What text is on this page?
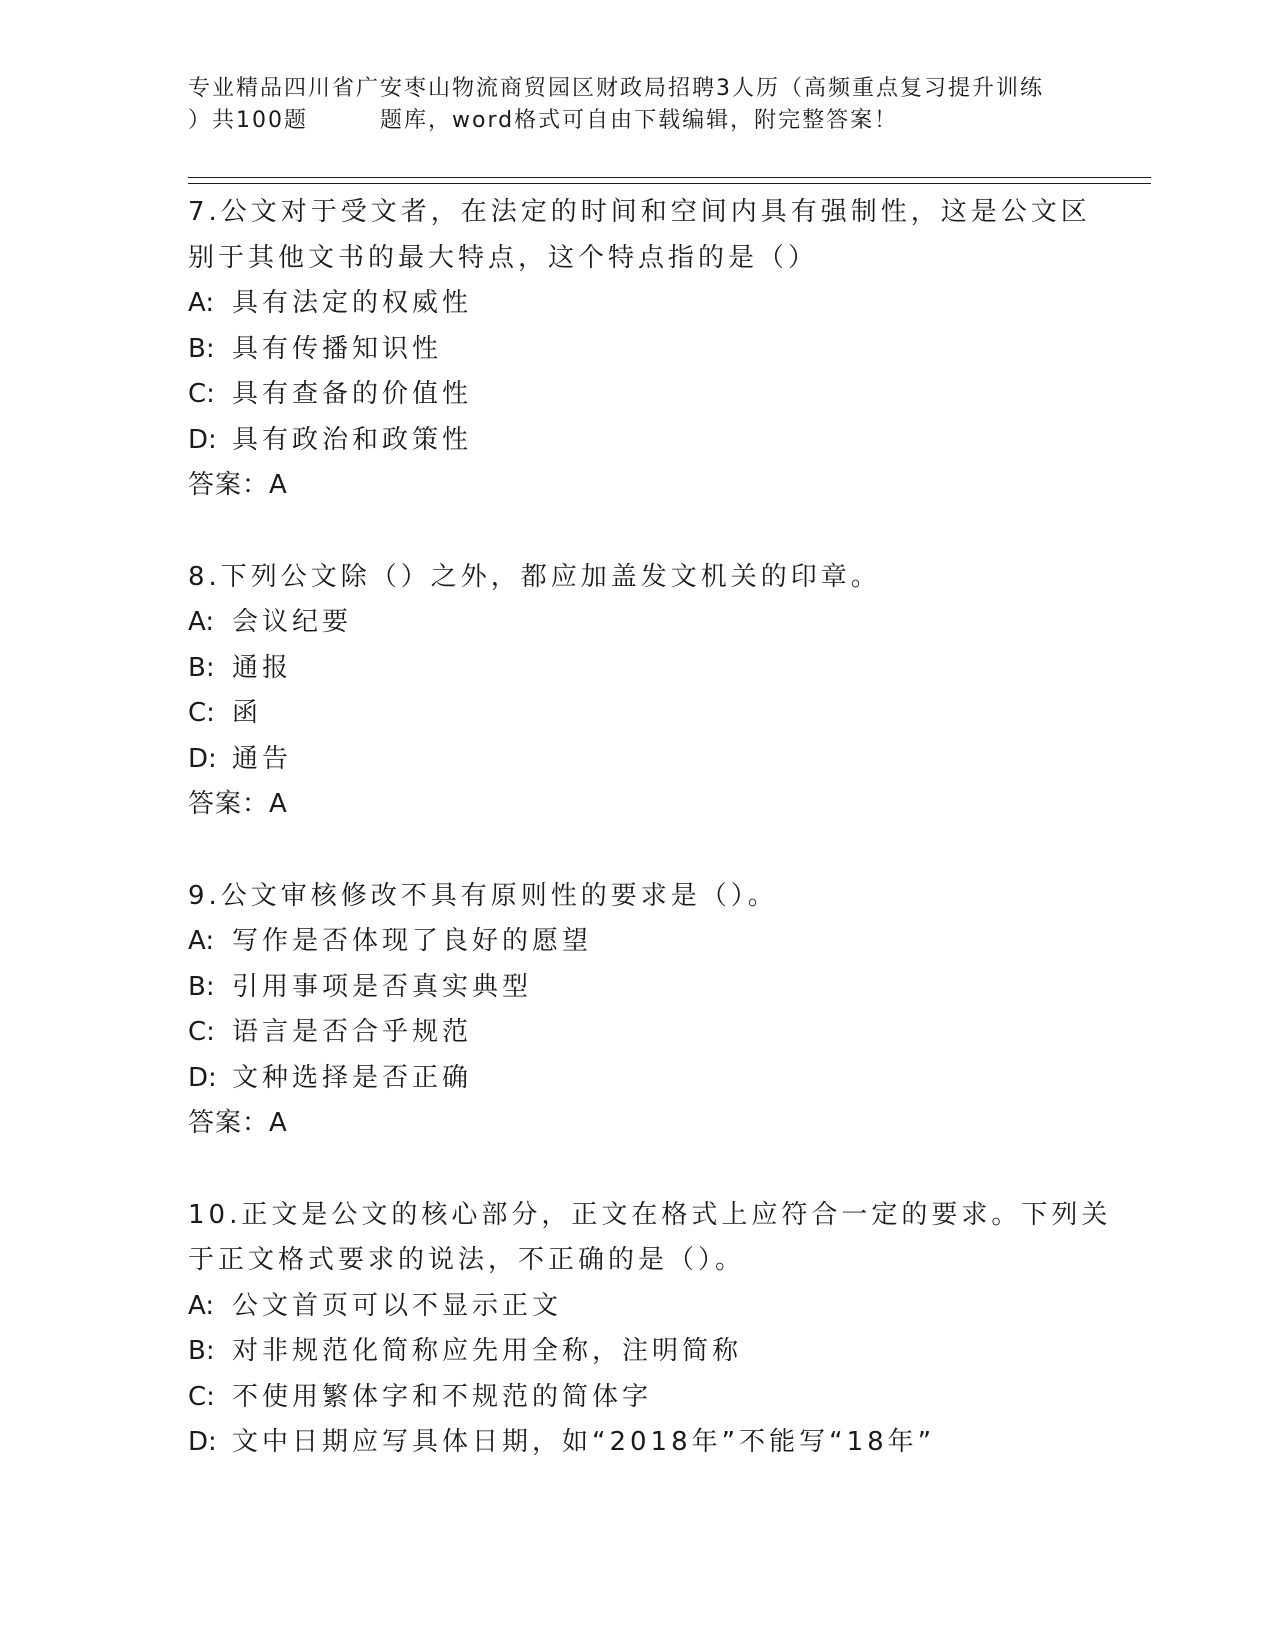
专业精品四川省广安枣山物流商贸园区财政局招聘3人历（高频重点复习提升训练
）共100题	题库，word格式可自由下载编辑，附完整答案！
7.公文对于受文者，在法定的时间和空间内具有强制性，这是公文区
别于其他文书的最大特点，这个特点指的是（）
A: 具有法定的权威性
B: 具有传播知识性
C: 具有查备的价值性
D: 具有政治和政策性
答案：A
8.下列公文除（）之外，都应加盖发文机关的印章。
A: 会议纪要
B: 通报
C: 函
D: 通告
答案：A
9.公文审核修改不具有原则性的要求是（）。
A: 写作是否体现了良好的愿望
B: 引用事项是否真实典型
C: 语言是否合乎规范
D: 文种选择是否正确
答案：A
10.正文是公文的核心部分，正文在格式上应符合一定的要求。下列关
于正文格式要求的说法，不正确的是（）。
A: 公文首页可以不显示正文
B: 对非规范化简称应先用全称，注明简称
C: 不使用繁体字和不规范的简体字
D: 文中日期应写具体日期，如“2018年”不能写“18年”
